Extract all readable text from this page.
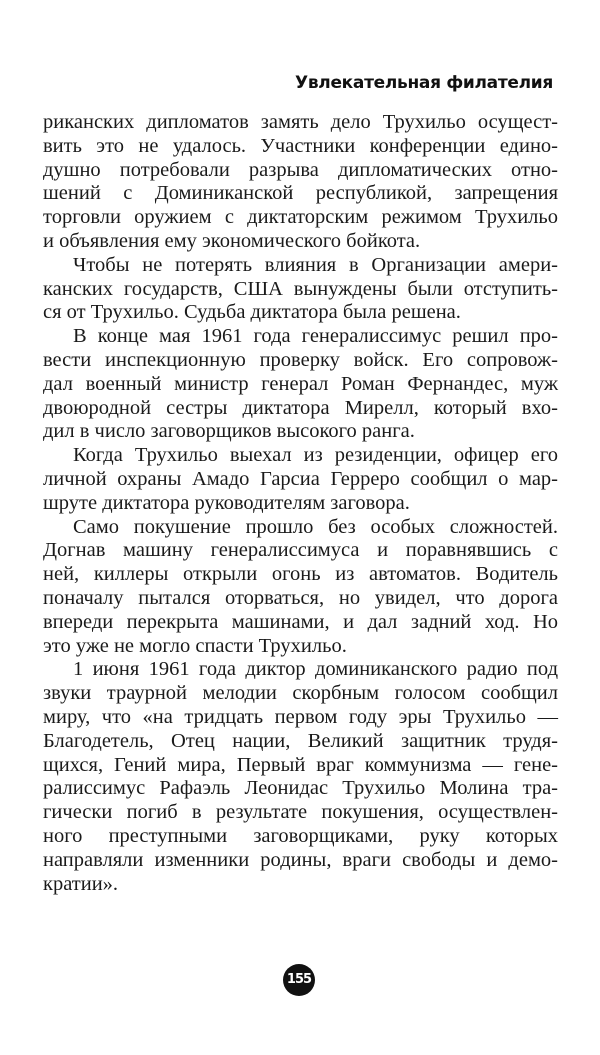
Увлекательная филателия
риканских дипломатов замять дело Трухильо осущест-
вить это не удалось. Участники конференции едино-
душно потребовали разрыва дипломатических отно-
шений с Доминиканской республикой, запрещения
торговли оружием с диктаторским режимом Трухильо
и объявления ему экономического бойкота.
Чтобы не потерять влияния в Организации амери-
канских государств, США вынуждены были отступить-
ся от Трухильо. Судьба диктатора была решена.
В конце мая 1961 года генералиссимус решил про-
вести инспекционную проверку войск. Его сопровож-
дал военный министр генерал Роман Фернандес, муж
двоюродной сестры диктатора Мирелл, который вхо-
дил в число заговорщиков высокого ранга.
Когда Трухильо выехал из резиденции, офицер его
личной охраны Амадо Гарсиа Герреро сообщил о мар-
шруте диктатора руководителям заговора.
Само покушение прошло без особых сложностей.
Догнав машину генералиссимуса и поравнявшись с
ней, киллеры открыли огонь из автоматов. Водитель
поначалу пытался оторваться, но увидел, что дорога
впереди перекрыта машинами, и дал задний ход. Но
это уже не могло спасти Трухильо.
1 июня 1961 года диктор доминиканского радио под
звуки траурной мелодии скорбным голосом сообщил
миру, что «на тридцать первом году эры Трухильо —
Благодетель, Отец нации, Великий защитник трудя-
щихся, Гений мира, Первый враг коммунизма — гене-
ралиссимус Рафаэль Леонидас Трухильо Молина тра-
гически погиб в результате покушения, осуществлен-
ного преступными заговорщиками, руку которых
направляли изменники родины, враги свободы и демо-
кратии».
155
